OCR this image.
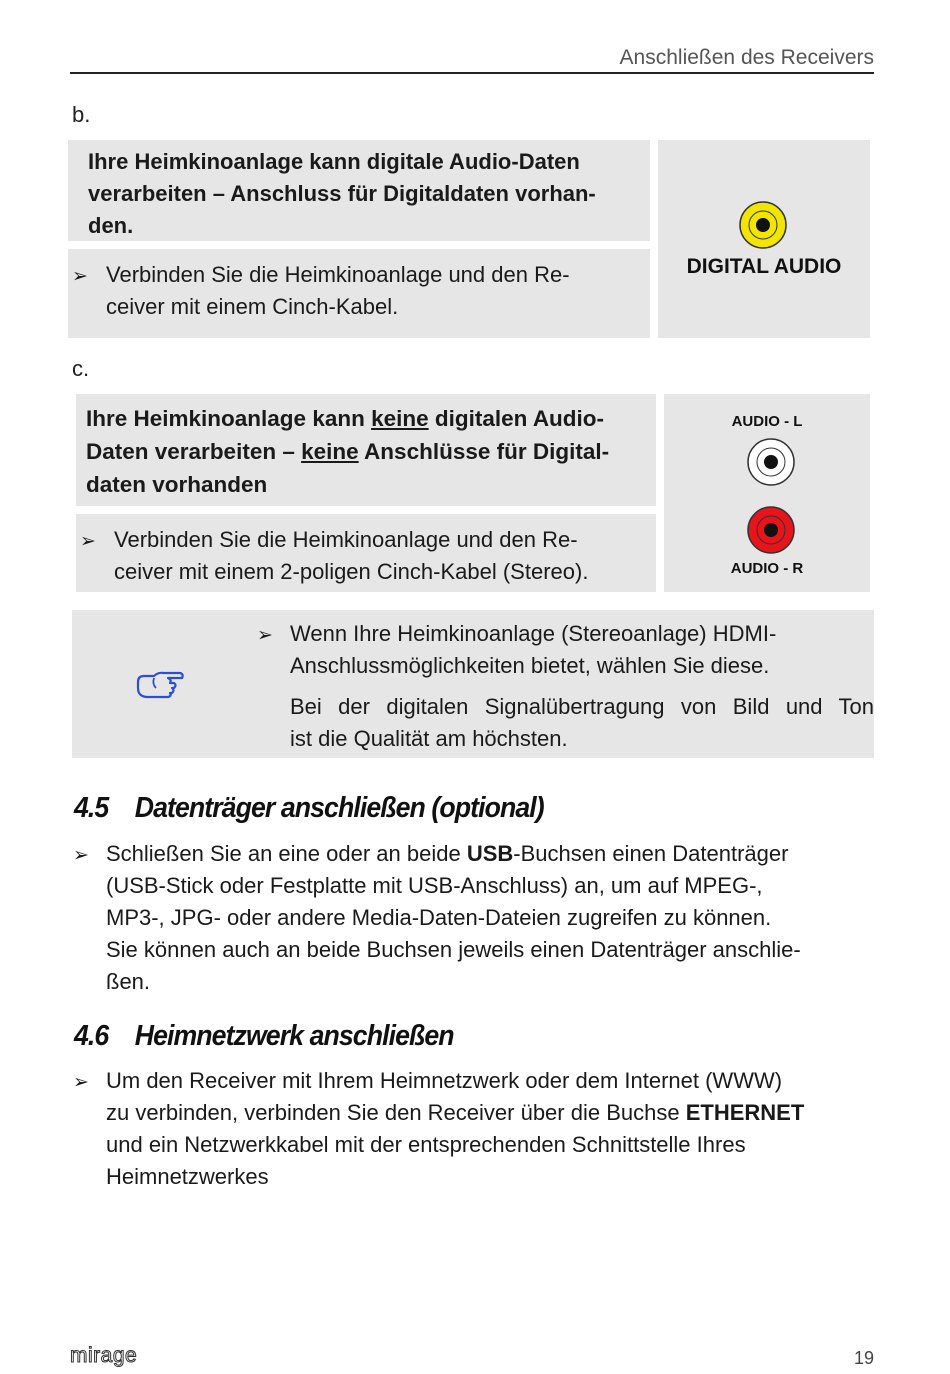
Anschließen des Receivers
b.
Ihre Heimkinoanlage kann digitale Audio-Daten
verarbeiten – Anschluss für Digitaldaten vorhan-
den.
➢ Verbinden Sie die Heimkinoanlage und den Re-
ceiver mit einem Cinch-Kabel.
DIGITAL AUDIO
c.
Ihre Heimkinoanlage kann keine digitalen Audio-
Daten verarbeiten – keine Anschlüsse für Digital-
daten vorhanden
➢ Verbinden Sie die Heimkinoanlage und den Re-
ceiver mit einem 2-poligen Cinch-Kabel (Stereo).
AUDIO - L
AUDIO - R
➢ Wenn Ihre Heimkinoanlage (Stereoanlage) HDMI-
Anschlussmöglichkeiten bietet, wählen Sie diese.
Bei der digitalen Signalübertragung von Bild und Ton
ist die Qualität am höchsten.
4.5 Datenträger anschließen (optional)
➢ Schließen Sie an eine oder an beide USB-Buchsen einen Datenträger
(USB-Stick oder Festplatte mit USB-Anschluss) an, um auf MPEG-,
MP3-, JPG- oder andere Media-Daten-Dateien zugreifen zu können.
Sie können auch an beide Buchsen jeweils einen Datenträger anschlie-
ßen.
4.6 Heimnetzwerk anschließen
➢ Um den Receiver mit Ihrem Heimnetzwerk oder dem Internet (WWW)
zu verbinden, verbinden Sie den Receiver über die Buchse ETHERNET
und ein Netzwerkkabel mit der entsprechenden Schnittstelle Ihres
Heimnetzwerkes
mirage	19
